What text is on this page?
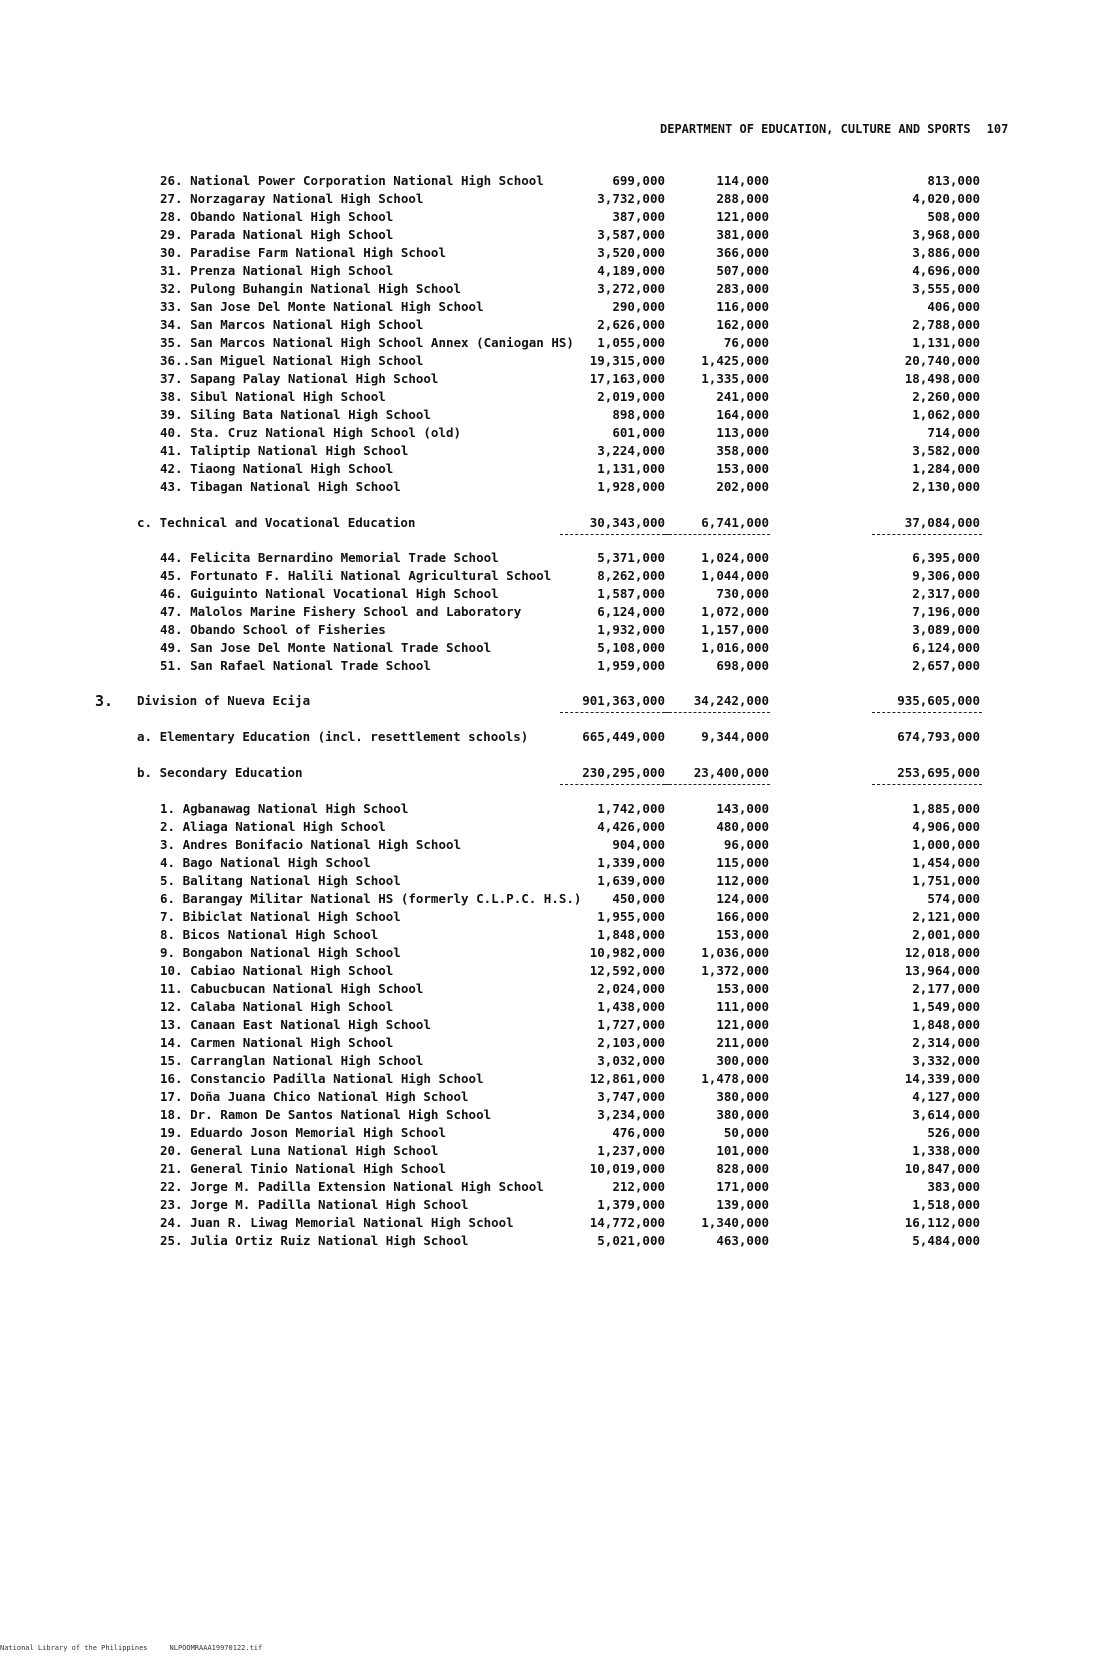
DEPARTMENT OF EDUCATION, CULTURE AND SPORTS 107
26. National Power Corporation National High School	699,000	114,000	813,000
27. Norzagaray National High School	3,732,000	288,000	4,020,000
28. Obando National High School	387,000	121,000	508,000
29. Parada National High School	3,587,000	381,000	3,968,000
30. Paradise Farm National High School	3,520,000	366,000	3,886,000
31. Prenza National High School	4,189,000	507,000	4,696,000
32. Pulong Buhangin National High School	3,272,000	283,000	3,555,000
33. San Jose Del Monte National High School	290,000	116,000	406,000
34. San Marcos National High School	2,626,000	162,000	2,788,000
35. San Marcos National High School Annex (Caniogan HS) 1,055,000	76,000	1,131,000
36..San Miguel National High School	19,315,000	1,425,000	20,740,000
37. Sapang Palay National High School	17,163,000	1,335,000	18,498,000
38. Sibul National High School	2,019,000	241,000	2,260,000
39. Siling Bata National High School	898,000	164,000	1,062,000
40. Sta. Cruz National High School (old)	601,000	113,000	714,000
41. Taliptip National High School	3,224,000	358,000	3,582,000
42. Tiaong National High School	1,131,000	153,000	1,284,000
43. Tibagan National High School	1,928,000	202,000	2,130,000
c. Technical and Vocational Education	30,343,000	6,741,000	37,084,000
44. Felicita Bernardino Memorial Trade School	5,371,000	1,024,000	6,395,000
45. Fortunato F. Halili National Agricultural School	8,262,000	1,044,000	9,306,000
46. Guiguinto National Vocational High School	1,587,000	730,000	2,317,000
47. Malolos Marine Fishery School and Laboratory	6,124,000	1,072,000	7,196,000
48. Obando School of Fisheries	1,932,000	1,157,000	3,089,000
49. San Jose Del Monte National Trade School	5,108,000	1,016,000	6,124,000
51. San Rafael National Trade School	1,959,000	698,000	2,657,000
3. Division of Nueva Ecija	901,363,000 34,242,000	935,605,000
a. Elementary Education (incl. resettlement schools)	665,449,000	9,344,000	674,793,000
b. Secondary Education	230,295,000 23,400,000	253,695,000
1. Agbanawag National High School	1,742,000	143,000	1,885,000
2. Aliaga National High School	4,426,000	480,000	4,906,000
3. Andres Bonifacio National High School	904,000	96,000	1,000,000
4. Bago National High School	1,339,000	115,000	1,454,000
5. Balitang National High School	1,639,000	112,000	1,751,000
6. Barangay Militar National HS (formerly C.L.P.C. H.S.) 450,000	124,000	574,000
7. Bibiclat National High School	1,955,000	166,000	2,121,000
8. Bicos National High School	1,848,000	153,000	2,001,000
9. Bongabon National High School	10,982,000	1,036,000	12,018,000
10. Cabiao National High School	12,592,000	1,372,000	13,964,000
11. Cabucbucan National High School	2,024,000	153,000	2,177,000
12. Calaba National High School	1,438,000	111,000	1,549,000
13. Canaan East National High School	1,727,000	121,000	1,848,000
14. Carmen National High School	2,103,000	211,000	2,314,000
15. Carranglan National High School	3,032,000	300,000	3,332,000
16. Constancio Padilla National High School	12,861,000	1,478,000	14,339,000
17. Doña Juana Chico National High School	3,747,000	380,000	4,127,000
18. Dr. Ramon De Santos National High School	3,234,000	380,000	3,614,000
19. Eduardo Joson Memorial High School	476,000	50,000	526,000
20. General Luna National High School	1,237,000	101,000	1,338,000
21. General Tinio National High School	10,019,000	828,000	10,847,000
22. Jorge M. Padilla Extension National High School	212,000	171,000	383,000
23. Jorge M. Padilla National High School	1,379,000	139,000	1,518,000
24. Juan R. Liwag Memorial National High School	14,772,000	1,340,000	16,112,000
25. Julia Ortiz Ruiz National High School	5,021,000	463,000	5,484,000
National Library of the Philippines	NLPOOMRAAA19970122.tif
